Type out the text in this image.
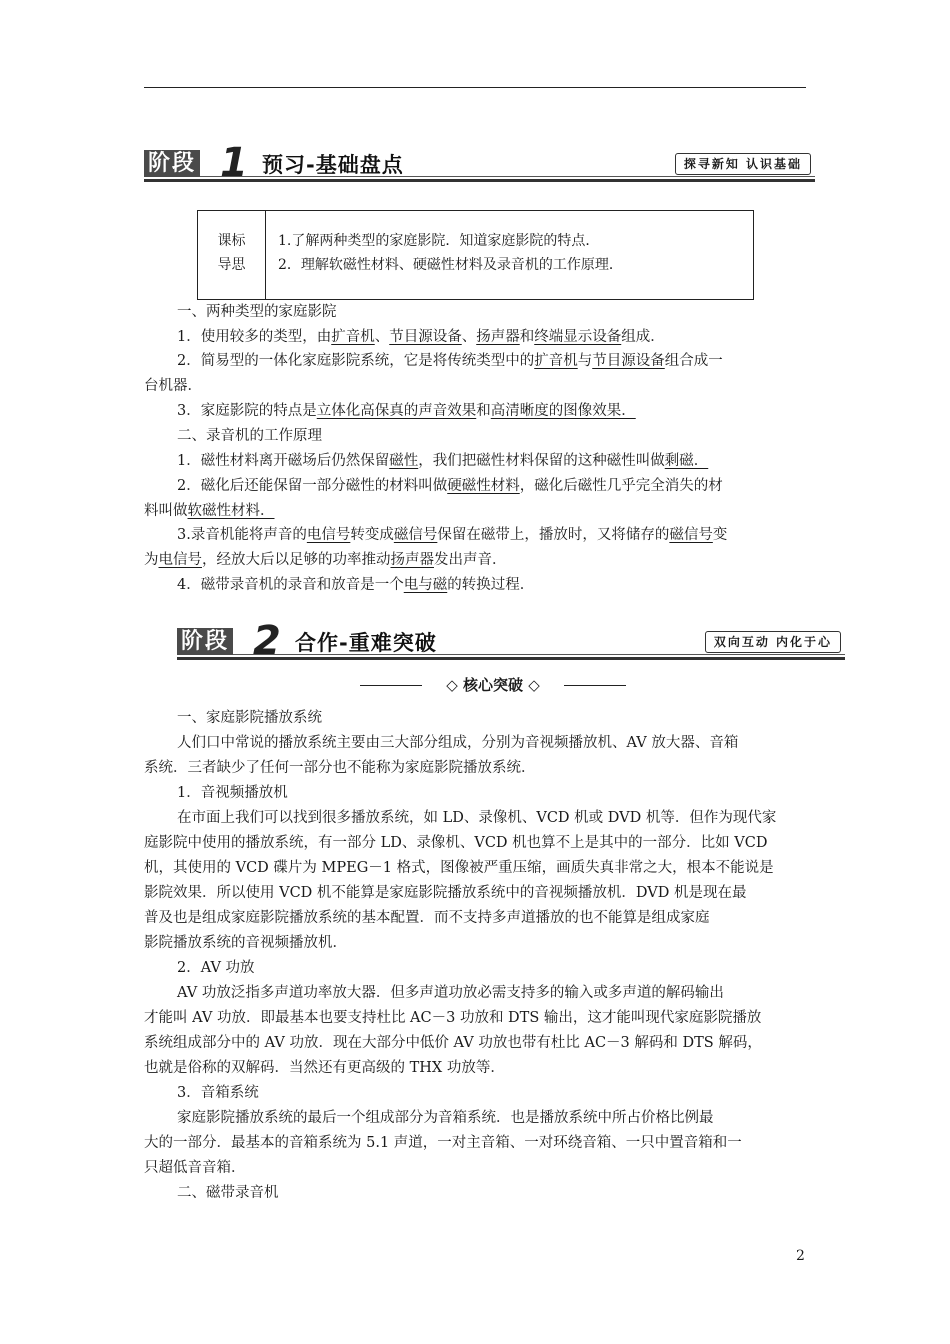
阶段 1 预习-基础盘点	探寻新知 认识基础
课标
导思
1.了解两种类型的家庭影院．知道家庭影院的特点．
2．理解软磁性材料、硬磁性材料及录音机的工作原理．
一、两种类型的家庭影院
1．使用较多的类型，由扩音机、节目源设备、扬声器和终端显示设备组成．
2．简易型的一体化家庭影院系统，它是将传统类型中的扩音机与节目源设备组合成一
台机器．
3．家庭影院的特点是立体化高保真的声音效果和高清晰度的图像效果．
二、录音机的工作原理
1．磁性材料离开磁场后仍然保留磁性，我们把磁性材料保留的这种磁性叫做剩磁．
2．磁化后还能保留一部分磁性的材料叫做硬磁性材料，磁化后磁性几乎完全消失的材
料叫做软磁性材料．
3.录音机能将声音的电信号转变成磁信号保留在磁带上，播放时，又将储存的磁信号变
为电信号，经放大后以足够的功率推动扬声器发出声音．
4．磁带录音机的录音和放音是一个电与磁的转换过程．
阶段 2 合作-重难突破	双向互动 内化于心
◇ 核心突破 ◇
一、家庭影院播放系统
人们口中常说的播放系统主要由三大部分组成，分别为音视频播放机、AV 放大器、音箱
系统．三者缺少了任何一部分也不能称为家庭影院播放系统．
1．音视频播放机
在市面上我们可以找到很多播放系统，如 LD、录像机、VCD 机或 DVD 机等．但作为现代家
庭影院中使用的播放系统，有一部分 LD、录像机、VCD 机也算不上是其中的一部分．比如 VCD
机，其使用的 VCD 碟片为 MPEG－1 格式，图像被严重压缩，画质失真非常之大，根本不能说是
影院效果．所以使用 VCD 机不能算是家庭影院播放系统中的音视频播放机．DVD 机是现在最
普及也是组成家庭影院播放系统的基本配置．而不支持多声道播放的也不能算是组成家庭
影院播放系统的音视频播放机．
2．AV 功放
AV 功放泛指多声道功率放大器．但多声道功放必需支持多的输入或多声道的解码输出
才能叫 AV 功放．即最基本也要支持杜比 AC－3 功放和 DTS 输出，这才能叫现代家庭影院播放
系统组成部分中的 AV 功放．现在大部分中低价 AV 功放也带有杜比 AC－3 解码和 DTS 解码，
也就是俗称的双解码．当然还有更高级的 THX 功放等．
3．音箱系统
家庭影院播放系统的最后一个组成部分为音箱系统．也是播放系统中所占价格比例最
大的一部分．最基本的音箱系统为 5.1 声道，一对主音箱、一对环绕音箱、一只中置音箱和一
只超低音音箱．
二、磁带录音机
2
